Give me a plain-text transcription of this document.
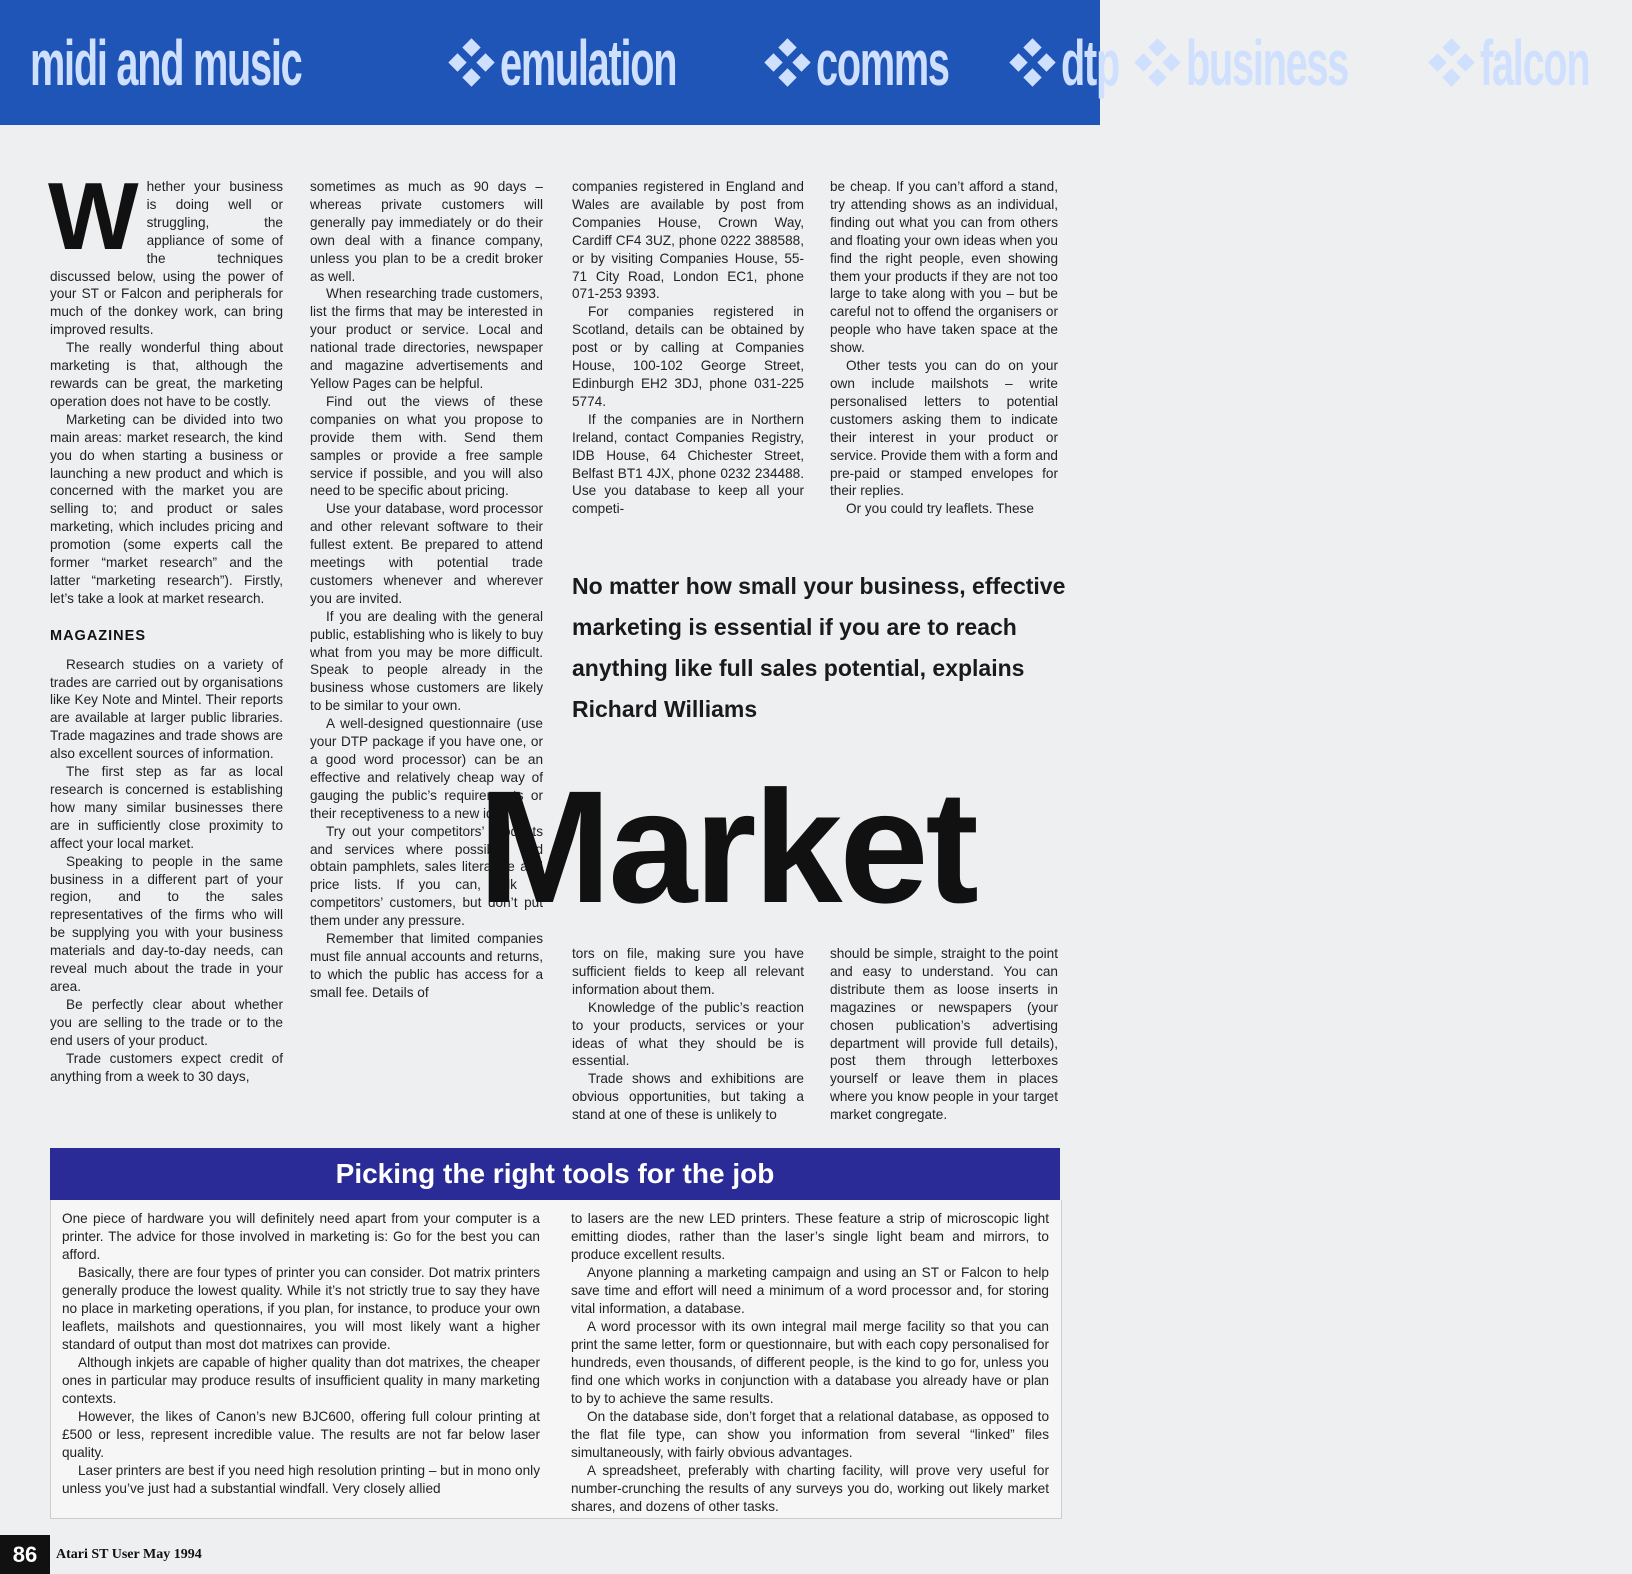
midi and music	emulation comms dtp business falcon
W hether your business is doing well or struggling, the appliance of some of the techniques discussed below, using the power of your ST or Falcon and peripherals for much of the donkey work, can bring improved results.

The really wonderful thing about marketing is that, although the rewards can be great, the marketing operation does not have to be costly.

Marketing can be divided into two main areas: market research, the kind you do when starting a business or launching a new product and which is concerned with the market you are selling to; and product or sales marketing, which includes pricing and promotion (some experts call the former “market research” and the latter “marketing research”). Firstly, let’s take a look at market research.

MAGAZINES

Research studies on a variety of trades are carried out by organisations like Key Note and Mintel. Their reports are available at larger public libraries. Trade magazines and trade shows are also excellent sources of information.

The first step as far as local research is concerned is establishing how many similar businesses there are in sufficiently close proximity to affect your local market.

Speaking to people in the same business in a different part of your region, and to the sales representatives of the firms who will be supplying you with your business materials and day-to-day needs, can reveal much about the trade in your area.

Be perfectly clear about whether you are selling to the trade or to the end users of your product.

Trade customers expect credit of anything from a week to 30 days,

sometimes as much as 90 days – whereas private customers will generally pay immediately or do their own deal with a finance company, unless you plan to be a credit broker as well.

When researching trade customers, list the firms that may be interested in your product or service. Local and national trade directories, newspaper and magazine advertisements and Yellow Pages can be helpful.

Find out the views of these companies on what you propose to provide them with. Send them samples or provide a free sample service if possible, and you will also need to be specific about pricing.

Use your database, word processor and other relevant software to their fullest extent. Be prepared to attend meetings with potential trade customers whenever and wherever you are invited.

If you are dealing with the general public, establishing who is likely to buy what from you may be more difficult. Speak to people already in the business whose customers are likely to be similar to your own.

A well-designed questionnaire (use your DTP package if you have one, or a good word processor) can be an effective and relatively cheap way of gauging the public’s requirements or their receptiveness to a new idea.

Try out your competitors’ products and services where possible, and obtain pamphlets, sales literature and price lists. If you can, talk to competitors’ customers, but don’t put them under any pressure.

Remember that limited companies must file annual accounts and returns, to which the public has access for a small fee. Details of

companies registered in England and Wales are available by post from Companies House, Crown Way, Cardiff CF4 3UZ, phone 0222 388588, or by visiting Companies House, 55-71 City Road, London EC1, phone 071-253 9393.

For companies registered in Scotland, details can be obtained by post or by calling at Companies House, 100-102 George Street, Edinburgh EH2 3DJ, phone 031-225 5774.

If the companies are in Northern Ireland, contact Companies Registry, IDB House, 64 Chichester Street, Belfast BT1 4JX, phone 0232 234488. Use you database to keep all your competi-

be cheap. If you can’t afford a stand, try attending shows as an individual, finding out what you can from others and floating your own ideas when you find the right people, even showing them your products if they are not too large to take along with you – but be careful not to offend the organisers or people who have taken space at the show.

Other tests you can do on your own include mailshots – write personalised letters to potential customers asking them to indicate their interest in your product or service. Provide them with a form and pre-paid or stamped envelopes for their replies.

Or you could try leaflets. These

No matter how small your business, effective marketing is essential if you are to reach anything like full sales potential, explains Richard Williams
Market

tors on file, making sure you have sufficient fields to keep all relevant information about them.

Knowledge of the public’s reaction to your products, services or your ideas of what they should be is essential.

Trade shows and exhibitions are obvious opportunities, but taking a stand at one of these is unlikely to

should be simple, straight to the point and easy to understand. You can distribute them as loose inserts in magazines or newspapers (your chosen publication’s advertising department will provide full details), post them through letterboxes yourself or leave them in places where you know people in your target market congregate.

Picking the right tools for the job

One piece of hardware you will definitely need apart from your computer is a printer. The advice for those involved in marketing is: Go for the best you can afford.

Basically, there are four types of printer you can consider. Dot matrix printers generally produce the lowest quality. While it’s not strictly true to say they have no place in marketing operations, if you plan, for instance, to produce your own leaflets, mailshots and questionnaires, you will most likely want a higher standard of output than most dot matrixes can provide.

Although inkjets are capable of higher quality than dot matrixes, the cheaper ones in particular may produce results of insufficient quality in many marketing contexts.

However, the likes of Canon’s new BJC600, offering full colour printing at £500 or less, represent incredible value. The results are not far below laser quality.

Laser printers are best if you need high resolution printing – but in mono only unless you’ve just had a substantial windfall. Very closely allied

to lasers are the new LED printers. These feature a strip of microscopic light emitting diodes, rather than the laser’s single light beam and mirrors, to produce excellent results.

Anyone planning a marketing campaign and using an ST or Falcon to help save time and effort will need a minimum of a word processor and, for storing vital information, a database.

A word processor with its own integral mail merge facility so that you can print the same letter, form or questionnaire, but with each copy personalised for hundreds, even thousands, of different people, is the kind to go for, unless you find one which works in conjunction with a database you already have or plan to by to achieve the same results.

On the database side, don’t forget that a relational database, as opposed to the flat file type, can show you information from several “linked” files simultaneously, with fairly obvious advantages.

A spreadsheet, preferably with charting facility, will prove very useful for number-crunching the results of any surveys you do, working out likely market shares, and dozens of other tasks.

86	Atari ST User May 1994
